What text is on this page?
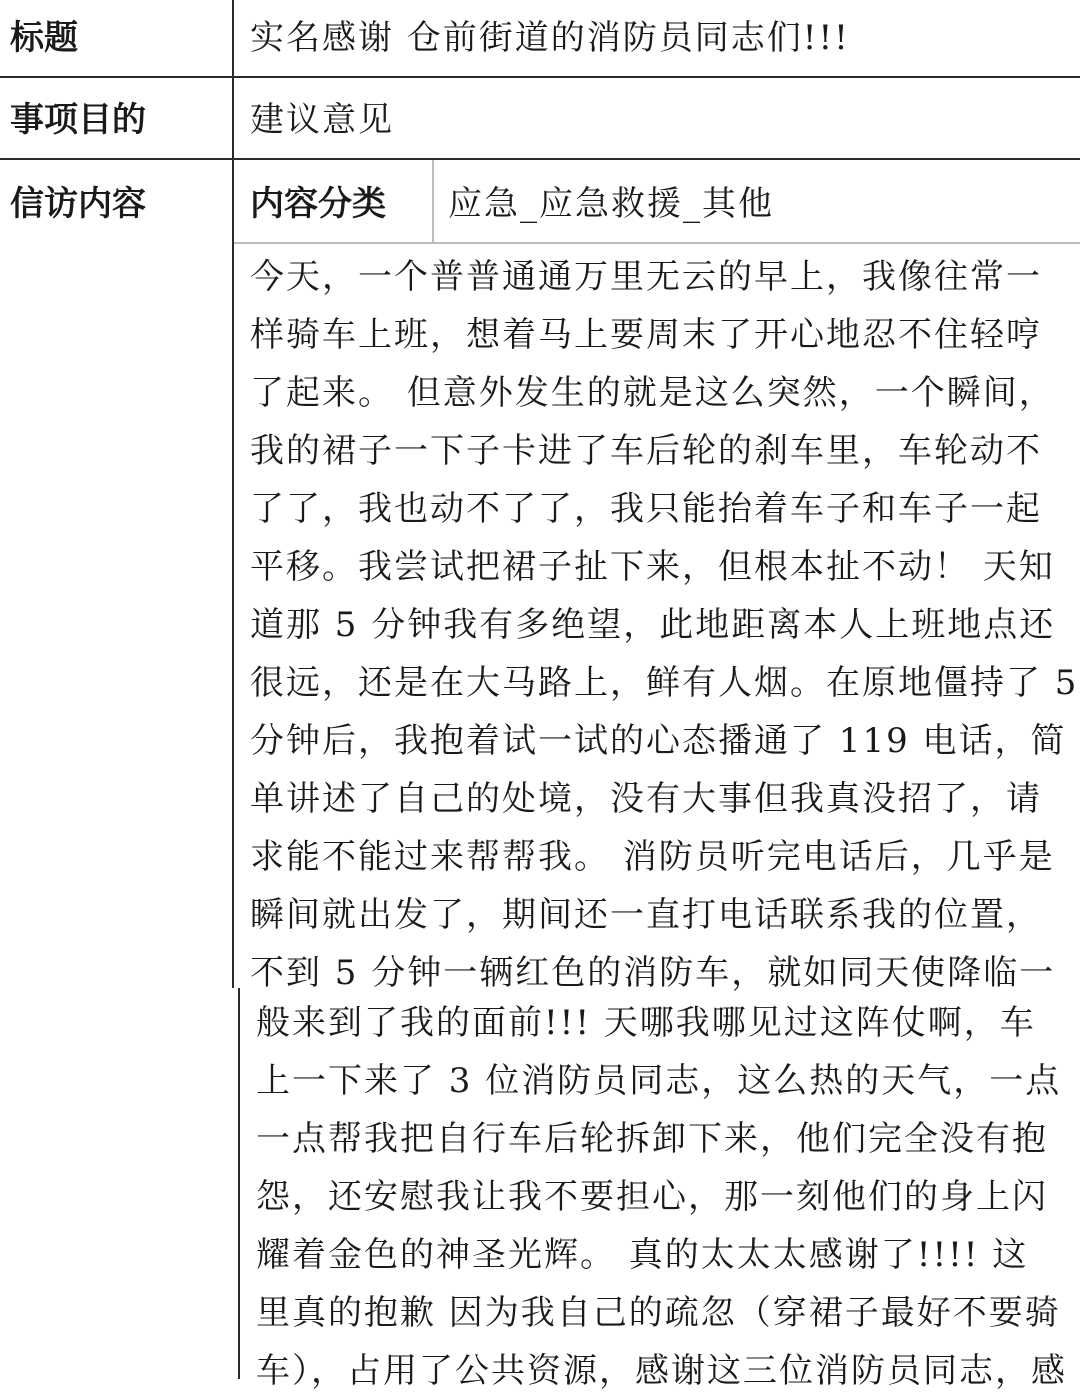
标题
事项目的
信访内容	内容分类
实名感谢 仓前街道的消防员同志们!!!
建议意见
应急_应急救援_其他
今天，一个普普通通万里无云的早上，我像往常一
样骑车上班，想着马上要周末了开心地忍不住轻哼
了起来。 但意外发生的就是这么突然，一个瞬间，
我的裙子一下子卡进了车后轮的刹车里，车轮动不
了了，我也动不了了，我只能抬着车子和车子一起
平移。我尝试把裙子扯下来，但根本扯不动！ 天知
道那 5 分钟我有多绝望，此地距离本人上班地点还
很远，还是在大马路上，鲜有人烟。在原地僵持了 5
分钟后，我抱着试一试的心态播通了 119 电话，简
单讲述了自己的处境，没有大事但我真没招了，请
求能不能过来帮帮我。 消防员听完电话后，几乎是
瞬间就出发了，期间还一直打电话联系我的位置，
不到 5 分钟一辆红色的消防车，就如同天使降临一
般来到了我的面前!!! 天哪我哪见过这阵仗啊，车
上一下来了 3 位消防员同志，这么热的天气，一点
一点帮我把自行车后轮拆卸下来，他们完全没有抱
怨，还安慰我让我不要担心，那一刻他们的身上闪
耀着金色的神圣光辉。 真的太太太感谢了!!!! 这
里真的抱歉 因为我自己的疏忽（穿裙子最好不要骑
车），占用了公共资源，感谢这三位消防员同志，感
